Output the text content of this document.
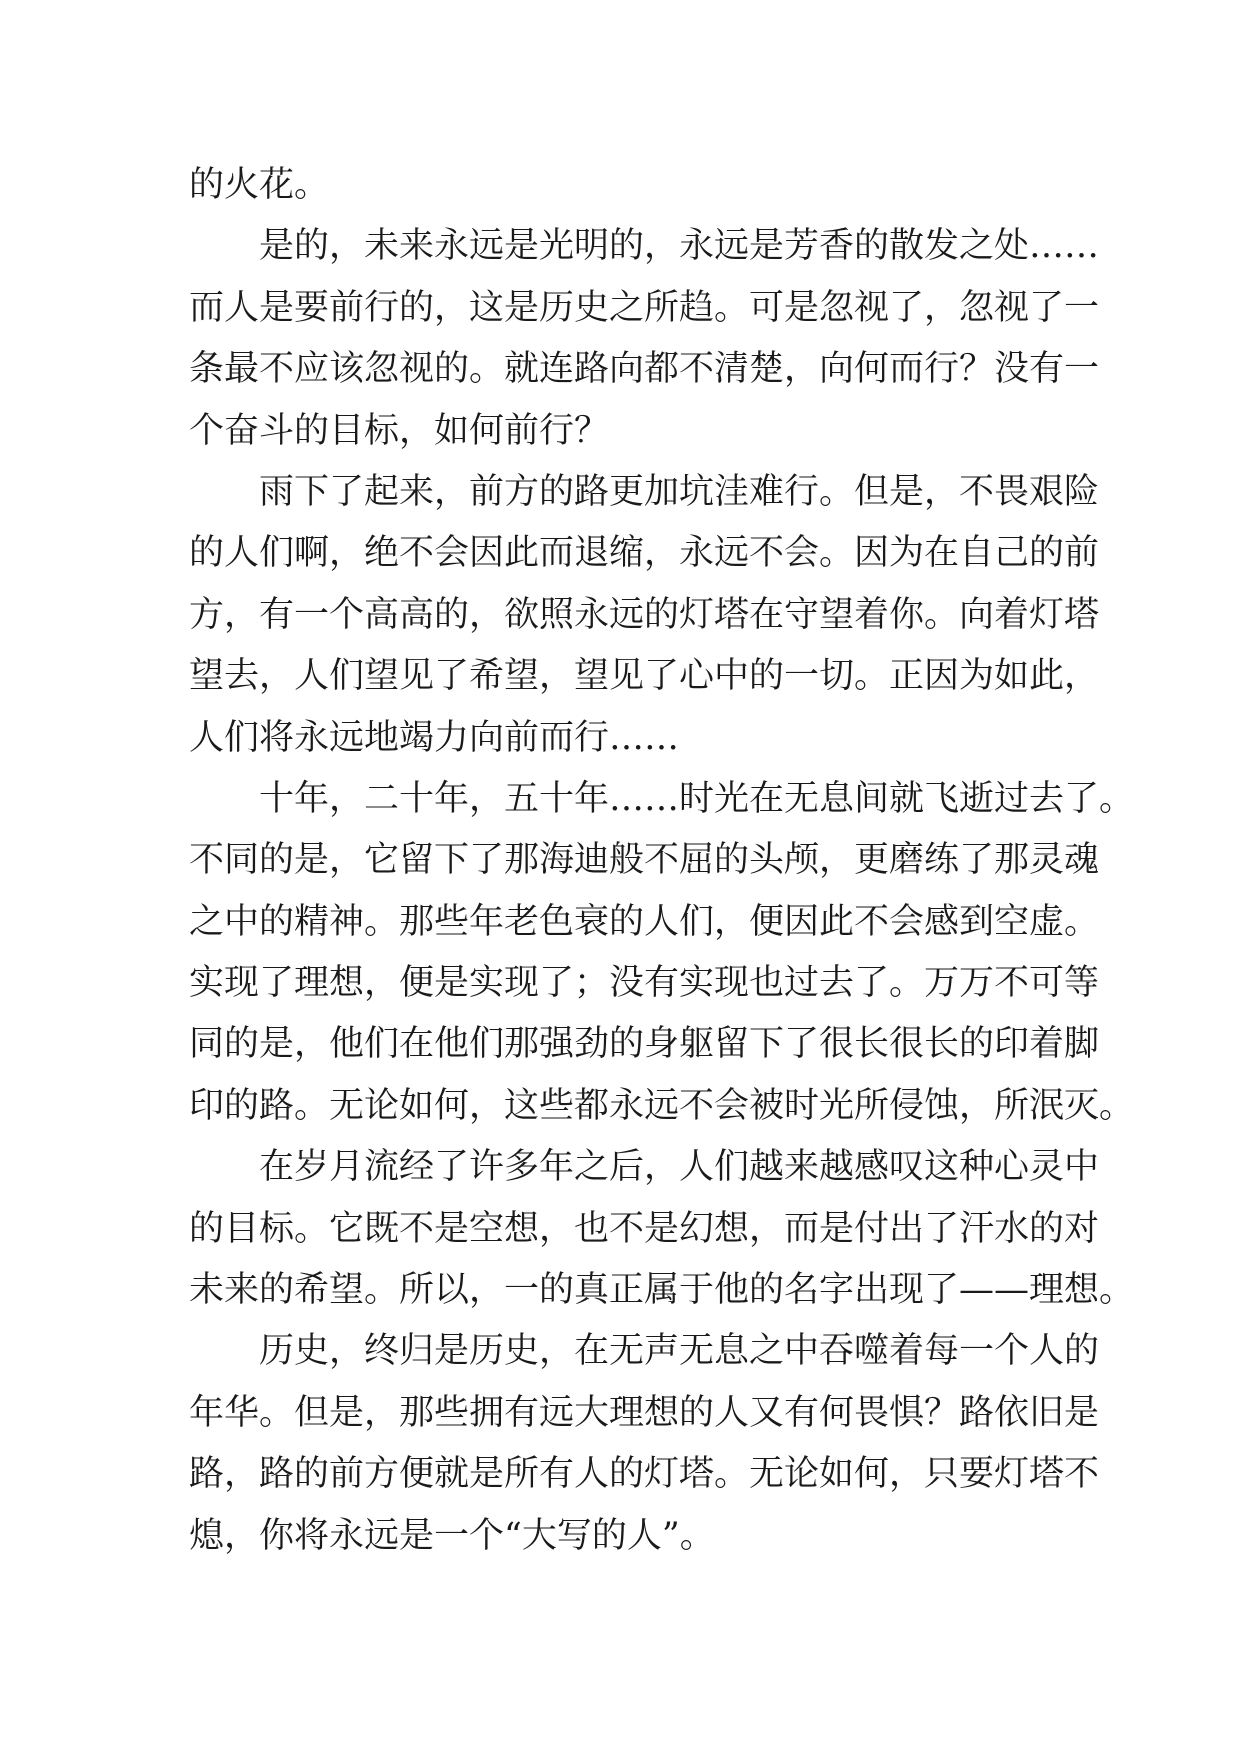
的火花。
是的，未来永远是光明的，永远是芳香的散发之处……
而人是要前行的，这是历史之所趋。可是忽视了，忽视了一
条最不应该忽视的。就连路向都不清楚，向何而行？没有一
个奋斗的目标，如何前行？
雨下了起来，前方的路更加坑洼难行。但是，不畏艰险
的人们啊，绝不会因此而退缩，永远不会。因为在自己的前
方，有一个高高的，欲照永远的灯塔在守望着你。向着灯塔
望去，人们望见了希望，望见了心中的一切。正因为如此，
人们将永远地竭力向前而行……
十年，二十年，五十年……时光在无息间就飞逝过去了。
不同的是，它留下了那海迪般不屈的头颅，更磨练了那灵魂
之中的精神。那些年老色衰的人们，便因此不会感到空虚。
实现了理想，便是实现了；没有实现也过去了。万万不可等
同的是，他们在他们那强劲的身躯留下了很长很长的印着脚
印的路。无论如何，这些都永远不会被时光所侵蚀，所泯灭。
在岁月流经了许多年之后，人们越来越感叹这种心灵中
的目标。它既不是空想，也不是幻想，而是付出了汗水的对
未来的希望。所以，一的真正属于他的名字出现了——理想。
历史，终归是历史，在无声无息之中吞噬着每一个人的
年华。但是，那些拥有远大理想的人又有何畏惧？路依旧是
路，路的前方便就是所有人的灯塔。无论如何，只要灯塔不
熄，你将永远是一个“大写的人”。
